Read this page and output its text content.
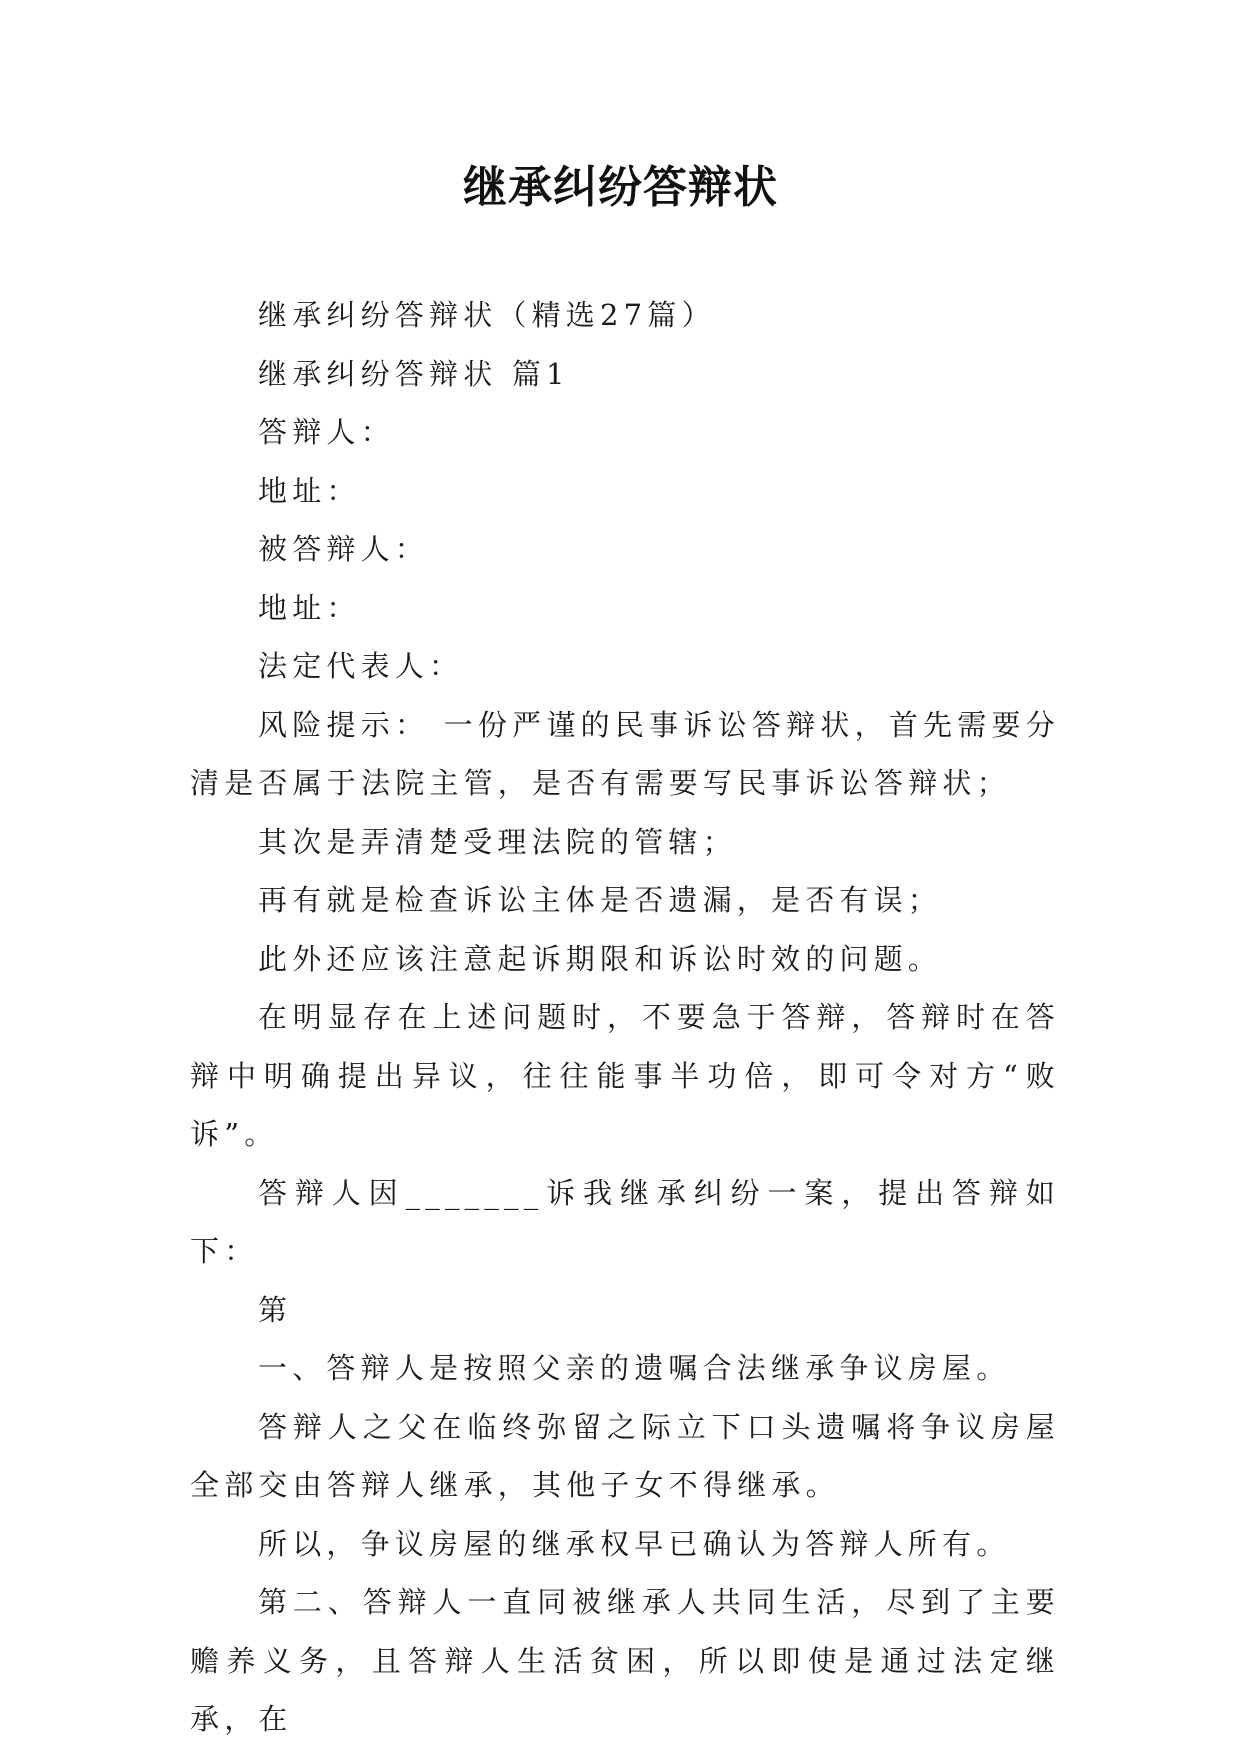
继承纠纷答辩状

继承纠纷答辩状（精选27篇）

继承纠纷答辩状 篇1

答辩人：

地址：

被答辩人：

地址：

法定代表人：

风险提示： 一份严谨的民事诉讼答辩状，首先需要分清是否属于法院主管，是否有需要写民事诉讼答辩状；

其次是弄清楚受理法院的管辖；

再有就是检查诉讼主体是否遗漏，是否有误；

此外还应该注意起诉期限和诉讼时效的问题。

在明显存在上述问题时，不要急于答辩，答辩时在答辩中明确提出异议，往往能事半功倍，即可令对方“败诉”。

答辩人因_______诉我继承纠纷一案，提出答辩如下：

第

一、答辩人是按照父亲的遗嘱合法继承争议房屋。

答辩人之父在临终弥留之际立下口头遗嘱将争议房屋全部交由答辩人继承，其他子女不得继承。

所以，争议房屋的继承权早已确认为答辩人所有。

第二、答辩人一直同被继承人共同生活，尽到了主要赡养义务，且答辩人生活贫困，所以即使是通过法定继承，在
